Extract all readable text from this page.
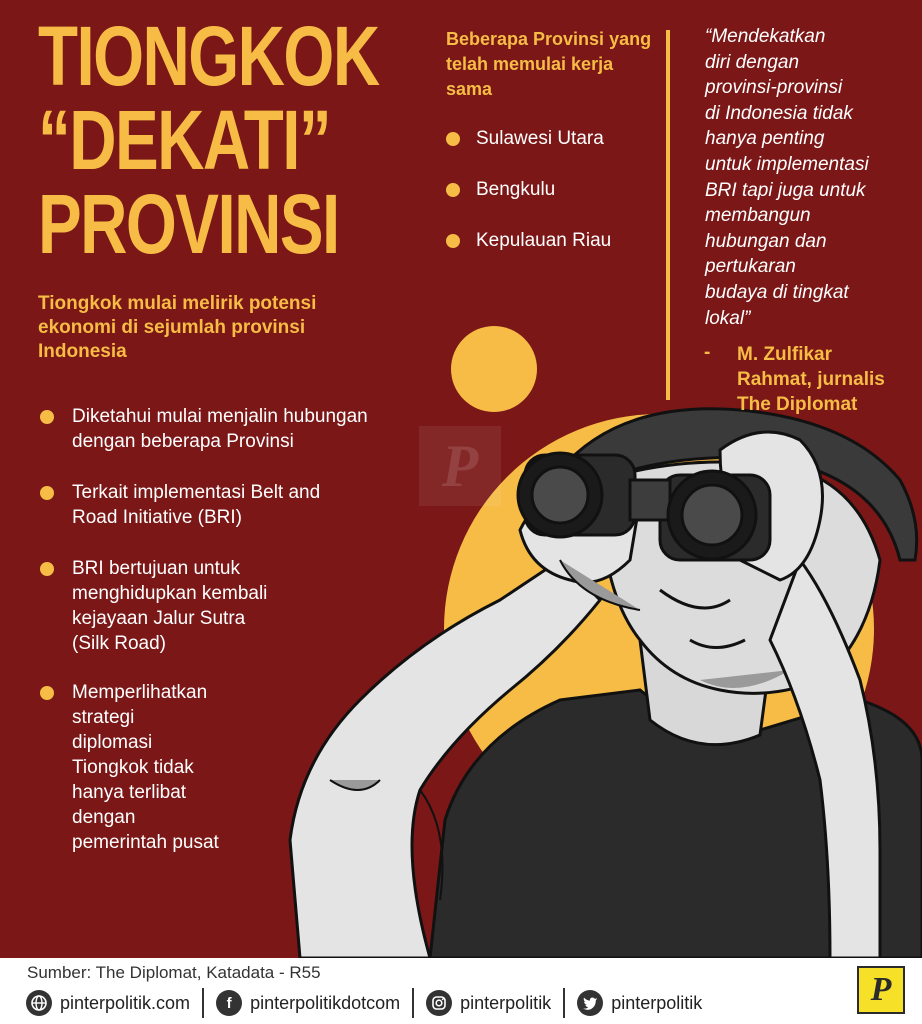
TIONGKOK
“DEKATI”
PROVINSI
Tiongkok mulai melirik potensi ekonomi di sejumlah provinsi Indonesia
Diketahui mulai menjalin hubungan
dengan beberapa Provinsi
Terkait implementasi Belt and
Road Initiative (BRI)
BRI bertujuan untuk
menghidupkan kembali
kejayaan Jalur Sutra
(Silk Road)
Memperlihatkan
strategi
diplomasi
Tiongkok tidak
hanya terlibat
dengan
pemerintah pusat
Beberapa Provinsi yang telah memulai kerja sama
Sulawesi Utara
Bengkulu
Kepulauan Riau
“Mendekatkan
diri dengan
provinsi-provinsi
di Indonesia tidak
hanya penting
untuk implementasi
BRI tapi juga untuk
membangun
hubungan dan
pertukaran
budaya di tingkat
lokal”
- M. Zulfikar
Rahmat, jurnalis
The Diplomat
P
Sumber: The Diplomat, Katadata - R55
pinterpolitik.com	f	pinterpolitikdotcom	pinterpolitik	pinterpolitik	P
